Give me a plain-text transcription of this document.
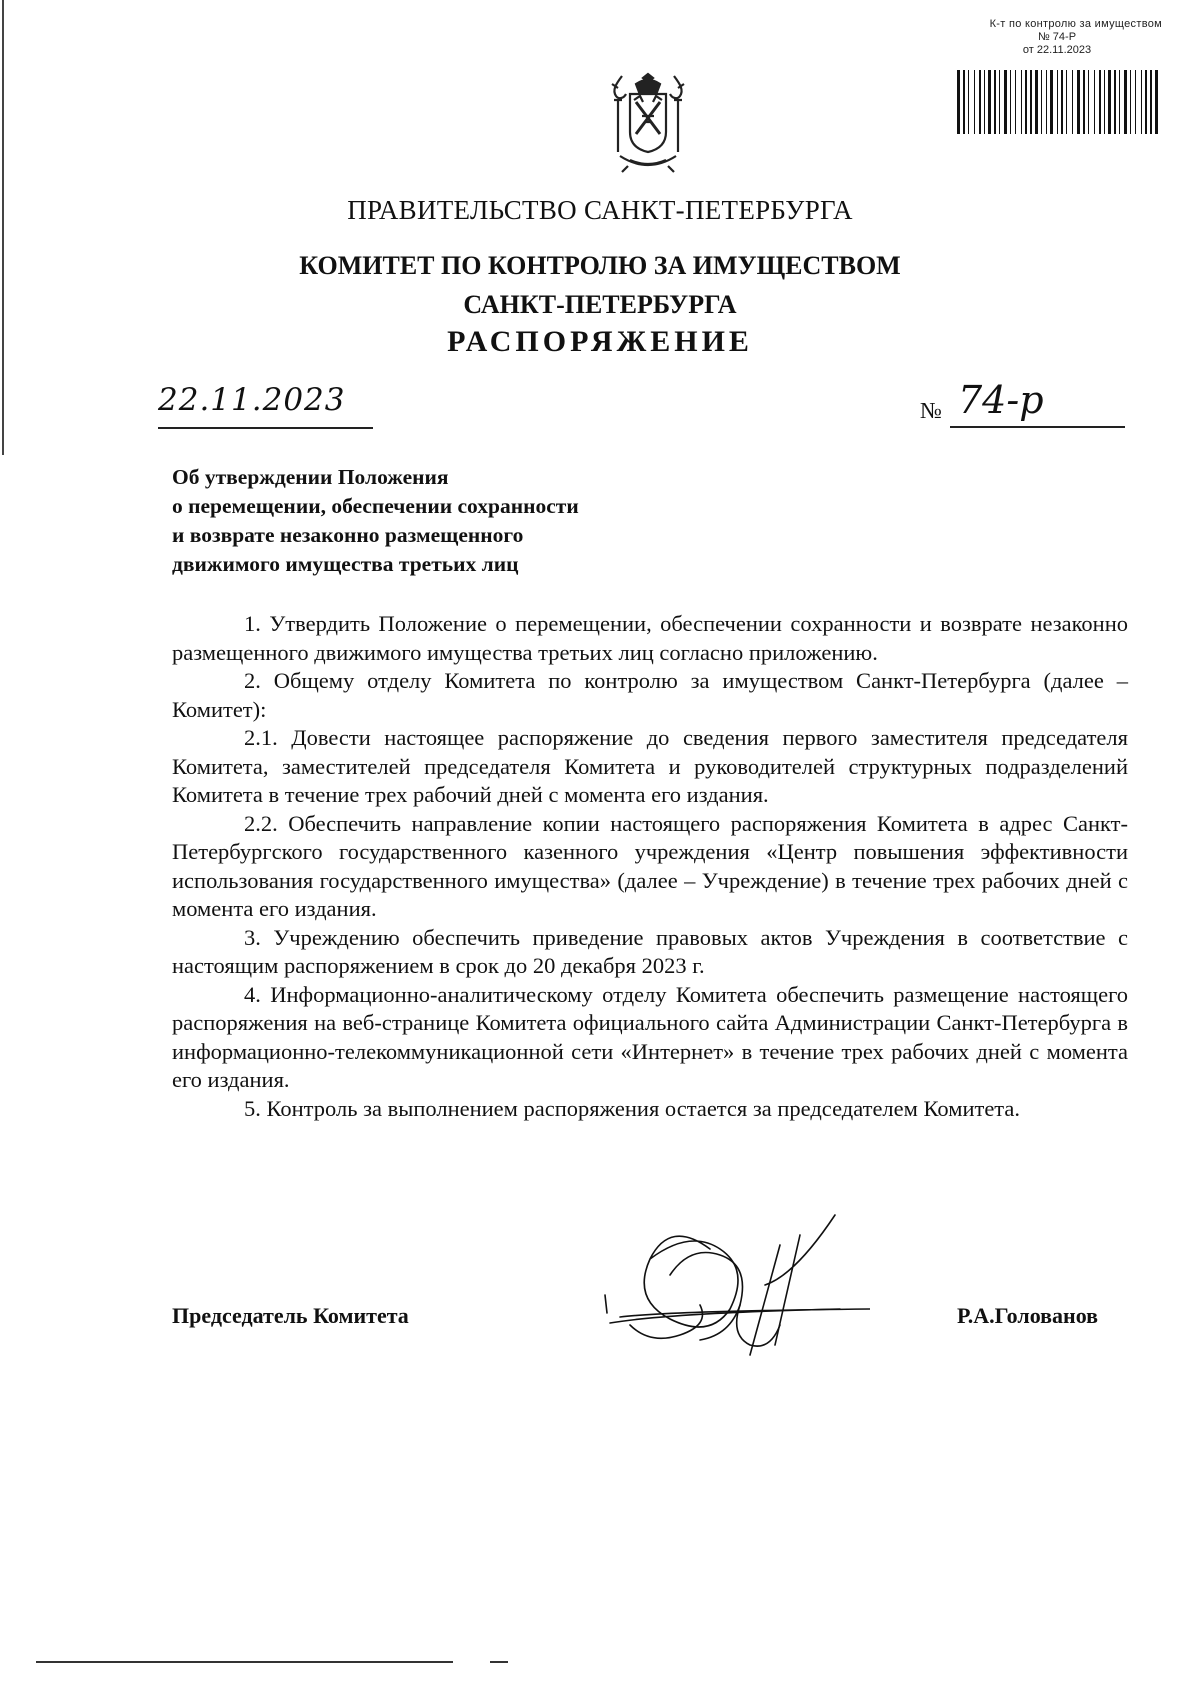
К-т по контролю за имуществом
№ 74-Р
от 22.11.2023
ПРАВИТЕЛЬСТВО САНКТ-ПЕТЕРБУРГА
КОМИТЕТ ПО КОНТРОЛЮ ЗА ИМУЩЕСТВОМ
САНКТ-ПЕТЕРБУРГА
РАСПОРЯЖЕНИЕ
22.11.2023	№ 74-р
Об утверждении Положения
о перемещении, обеспечении сохранности
и возврате незаконно размещенного
движимого имущества третьих лиц

1. Утвердить Положение о перемещении, обеспечении сохранности и возврате незаконно размещенного движимого имущества третьих лиц согласно приложению.

2. Общему отделу Комитета по контролю за имуществом Санкт-Петербурга (далее – Комитет):

2.1. Довести настоящее распоряжение до сведения первого заместителя председателя Комитета, заместителей председателя Комитета и руководителей структурных подразделений Комитета в течение трех рабочий дней с момента его издания.

2.2. Обеспечить направление копии настоящего распоряжения Комитета в адрес Санкт-Петербургского государственного казенного учреждения «Центр повышения эффективности использования государственного имущества» (далее – Учреждение) в течение трех рабочих дней с момента его издания.

3. Учреждению обеспечить приведение правовых актов Учреждения в соответствие с настоящим распоряжением в срок до 20 декабря 2023 г.

4. Информационно-аналитическому отделу Комитета обеспечить размещение настоящего распоряжения на веб-странице Комитета официального сайта Администрации Санкт-Петербурга в информационно-телекоммуникационной сети «Интернет» в течение трех рабочих дней с момента его издания.

5. Контроль за выполнением распоряжения остается за председателем Комитета.

Председатель Комитета	Р.А.Голованов
